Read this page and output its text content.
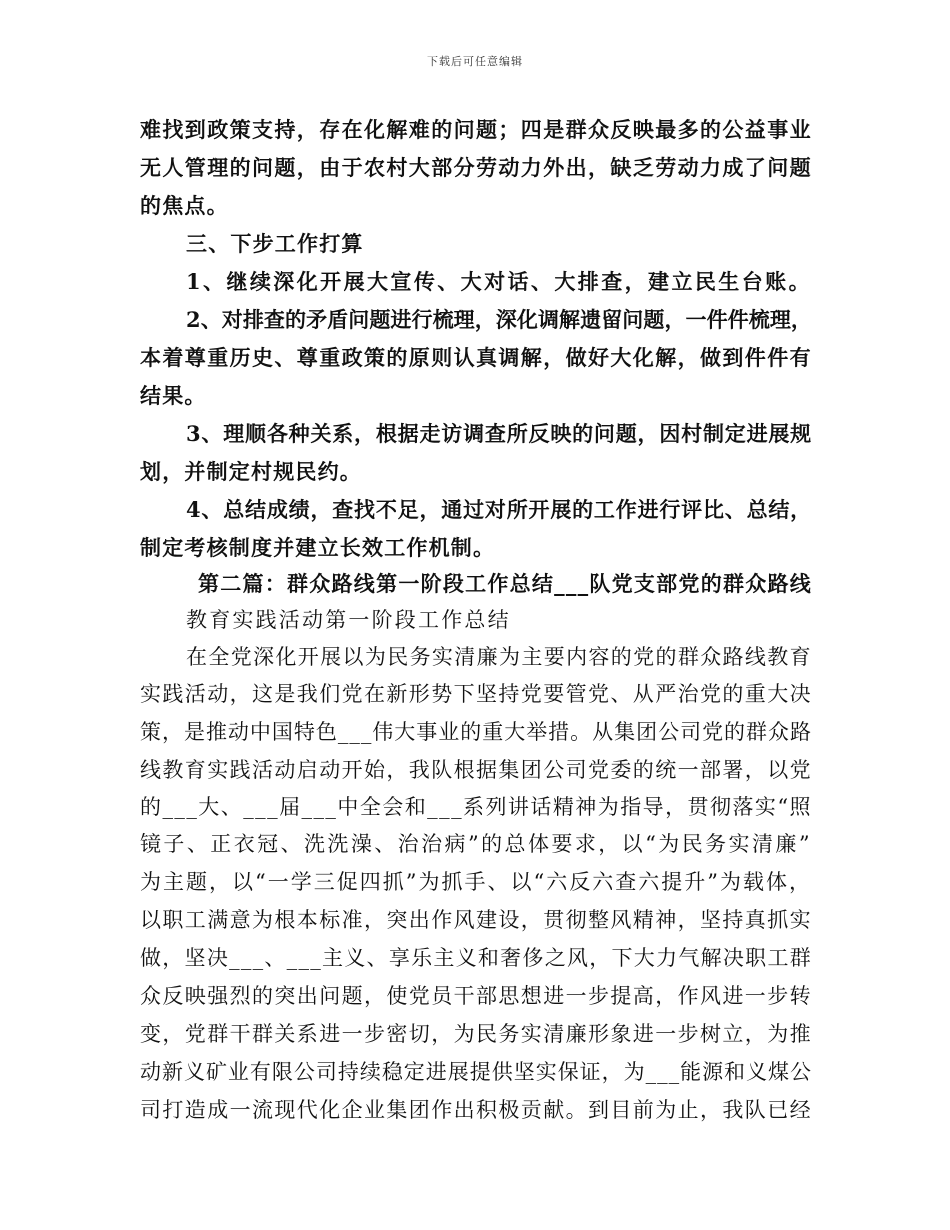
下载后可任意编辑
难找到政策支持，存在化解难的问题；四是群众反映最多的公益事业
无人管理的问题，由于农村大部分劳动力外出，缺乏劳动力成了问题
的焦点。
三、下步工作打算
1、继续深化开展大宣传、大对话、大排查，建立民生台账。
2、对排查的矛盾问题进行梳理，深化调解遗留问题，一件件梳理，
本着尊重历史、尊重政策的原则认真调解，做好大化解，做到件件有
结果。
3、理顺各种关系，根据走访调查所反映的问题，因村制定进展规
划，并制定村规民约。
4、总结成绩，查找不足，通过对所开展的工作进行评比、总结，
制定考核制度并建立长效工作机制。
第二篇：群众路线第一阶段工作总结___队党支部党的群众路线
教育实践活动第一阶段工作总结
在全党深化开展以为民务实清廉为主要内容的党的群众路线教育
实践活动，这是我们党在新形势下坚持党要管党、从严治党的重大决
策，是推动中国特色___伟大事业的重大举措。从集团公司党的群众路
线教育实践活动启动开始，我队根据集团公司党委的统一部署，以党
的___大、___届___中全会和___系列讲话精神为指导，贯彻落实“照
镜子、正衣冠、洗洗澡、治治病”的总体要求，以“为民务实清廉”
为主题，以“一学三促四抓”为抓手、以“六反六查六提升”为载体，
以职工满意为根本标准，突出作风建设，贯彻整风精神，坚持真抓实
做，坚决___、___主义、享乐主义和奢侈之风，下大力气解决职工群
众反映强烈的突出问题，使党员干部思想进一步提高，作风进一步转
变，党群干群关系进一步密切，为民务实清廉形象进一步树立，为推
动新义矿业有限公司持续稳定进展提供坚实保证，为___能源和义煤公
司打造成一流现代化企业集团作出积极贡献。到目前为止，我队已经
